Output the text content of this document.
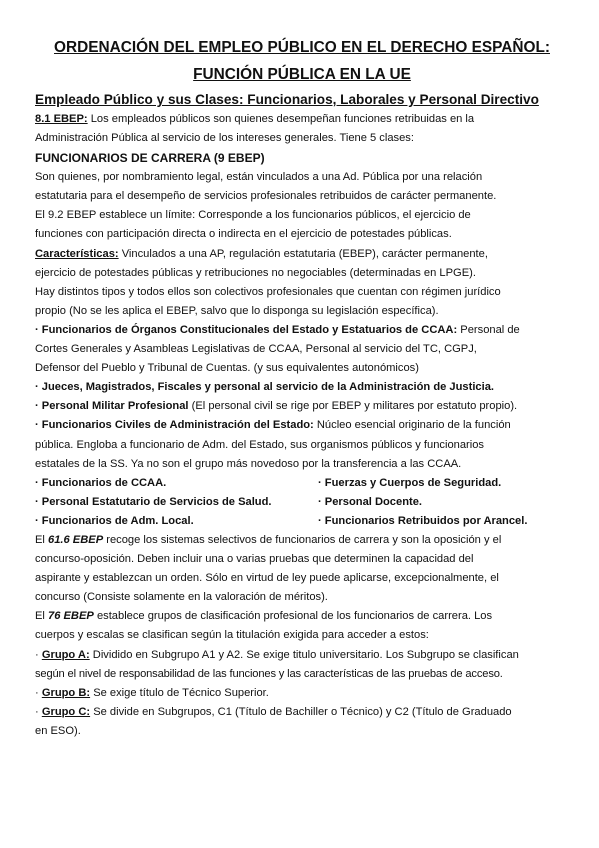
ORDENACIÓN DEL EMPLEO PÚBLICO EN EL DERECHO ESPAÑOL:

FUNCIÓN PÚBLICA EN LA UE

Empleado Público y sus Clases: Funcionarios, Laborales y Personal Directivo

8.1 EBEP: Los empleados públicos son quienes desempeñan funciones retribuidas en la

Administración Pública al servicio de los intereses generales. Tiene 5 clases:

FUNCIONARIOS DE CARRERA (9 EBEP)

Son quienes, por nombramiento legal, están vinculados a una Ad. Pública por una relación

estatutaria para el desempeño de servicios profesionales retribuidos de carácter permanente.

El 9.2 EBEP establece un límite: Corresponde a los funcionarios públicos, el ejercicio de

funciones con participación directa o indirecta en el ejercicio de potestades públicas.

Características: Vinculados a una AP, regulación estatutaria (EBEP), carácter permanente,

ejercicio de potestades públicas y retribuciones no negociables (determinadas en LPGE).

Hay distintos tipos y todos ellos son colectivos profesionales que cuentan con régimen jurídico

propio (No se les aplica el EBEP, salvo que lo disponga su legislación específica).

· Funcionarios de Órganos Constitucionales del Estado y Estatuarios de CCAA: Personal de

Cortes Generales y Asambleas Legislativas de CCAA, Personal al servicio del TC, CGPJ,

Defensor del Pueblo y Tribunal de Cuentas. (y sus equivalentes autonómicos)

· Jueces, Magistrados, Fiscales y personal al servicio de la Administración de Justicia.

· Personal Militar Profesional (El personal civil se rige por EBEP y militares por estatuto propio).

· Funcionarios Civiles de Administración del Estado: Núcleo esencial originario de la función

pública. Engloba a funcionario de Adm. del Estado, sus organismos públicos y funcionarios

estatales de la SS. Ya no son el grupo más novedoso por la transferencia a las CCAA.

· Funcionarios de CCAA.	· Fuerzas y Cuerpos de Seguridad.
· Personal Estatutario de Servicios de Salud.	· Personal Docente.
· Funcionarios de Adm. Local.	· Funcionarios Retribuidos por Arancel.

El 61.6 EBEP recoge los sistemas selectivos de funcionarios de carrera y son la oposición y el

concurso-oposición. Deben incluir una o varias pruebas que determinen la capacidad del

aspirante y establezcan un orden. Sólo en virtud de ley puede aplicarse, excepcionalmente, el

concurso (Consiste solamente en la valoración de méritos).

El 76 EBEP establece grupos de clasificación profesional de los funcionarios de carrera. Los

cuerpos y escalas se clasifican según la titulación exigida para acceder a estos:

· Grupo A: Dividido en Subgrupo A1 y A2. Se exige titulo universitario. Los Subgrupo se clasifican

según el nivel de responsabilidad de las funciones y las características de las pruebas de acceso.

· Grupo B: Se exige título de Técnico Superior.

· Grupo C: Se divide en Subgrupos, C1 (Título de Bachiller o Técnico) y C2 (Título de Graduado

en ESO).
